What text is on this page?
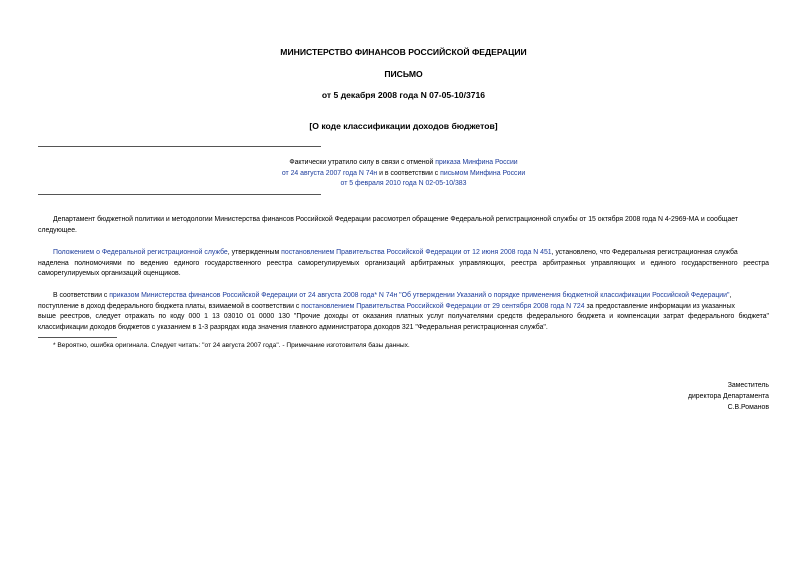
МИНИСТЕРСТВО ФИНАНСОВ РОССИЙСКОЙ ФЕДЕРАЦИИ
ПИСЬМО
от 5 декабря 2008 года N 07-05-10/3716
[О коде классификации доходов бюджетов]
Фактически утратило силу в связи с отменой приказа Минфина России
от 24 августа 2007 года N 74н и в соответствии с письмом Минфина России
от 5 февраля 2010 года N 02-05-10/383
Департамент бюджетной политики и методологии Министерства финансов Российской Федерации рассмотрел обращение Федеральной регистрационной службы от 15 октября 2008 года N 4-2969-МА и сообщает
следующее.
Положением о Федеральной регистрационной службе, утвержденным постановлением Правительства Российской Федерации от 12 июня 2008 года N 451, установлено, что Федеральная регистрационная служба
наделена полномочиями по ведению единого государственного реестра саморегулируемых организаций арбитражных управляющих, реестра арбитражных управляющих и единого государственного реестра
саморегулируемых организаций оценщиков.
В соответствии с приказом Министерства финансов Российской Федерации от 24 августа 2008 года* N 74н "Об утверждении Указаний о порядке применения бюджетной классификации Российской Федерации",
поступление в доход федерального бюджета платы, взимаемой в соответствии с постановлением Правительства Российской Федерации от 29 сентября 2008 года N 724 за предоставление информации из указанных
выше реестров, следует отражать по коду 000 1 13 03010 01 0000 130 "Прочие доходы от оказания платных услуг получателями средств федерального бюджета и компенсации затрат федерального бюджета"
классификации доходов бюджетов с указанием в 1-3 разрядах кода значения главного администратора доходов 321 "Федеральная регистрационная служба".
* Вероятно, ошибка оригинала. Следует читать: "от 24 августа 2007 года". - Примечание изготовителя базы данных.
Заместитель
директора Департамента
С.В.Романов
